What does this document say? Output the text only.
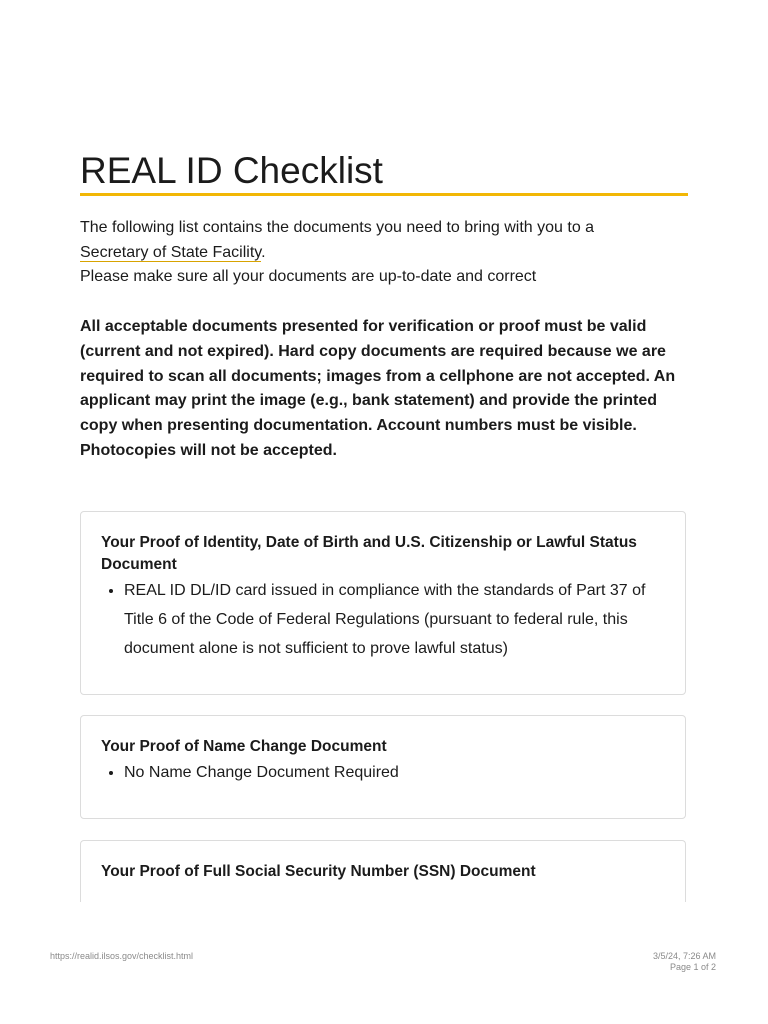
REAL ID Checklist

The following list contains the documents you need to bring with you to a
Secretary of State Facility.
Please make sure all your documents are up-to-date and correct

All acceptable documents presented for verification or proof must be valid (current and not expired). Hard copy documents are required because we are required to scan all documents; images from a cellphone are not accepted. An applicant may print the image (e.g., bank statement) and provide the printed copy when presenting documentation. Account numbers must be visible. Photocopies will not be accepted.

Your Proof of Identity, Date of Birth and U.S. Citizenship or Lawful Status Document
• REAL ID DL/ID card issued in compliance with the standards of Part 37 of Title 6 of the Code of Federal Regulations (pursuant to federal rule, this document alone is not sufficient to prove lawful status)
Your Proof of Name Change Document
• No Name Change Document Required
Your Proof of Full Social Security Number (SSN) Document
https://realid.ilsos.gov/checklist.html	3/5/24, 7:26 AM
Page 1 of 2
